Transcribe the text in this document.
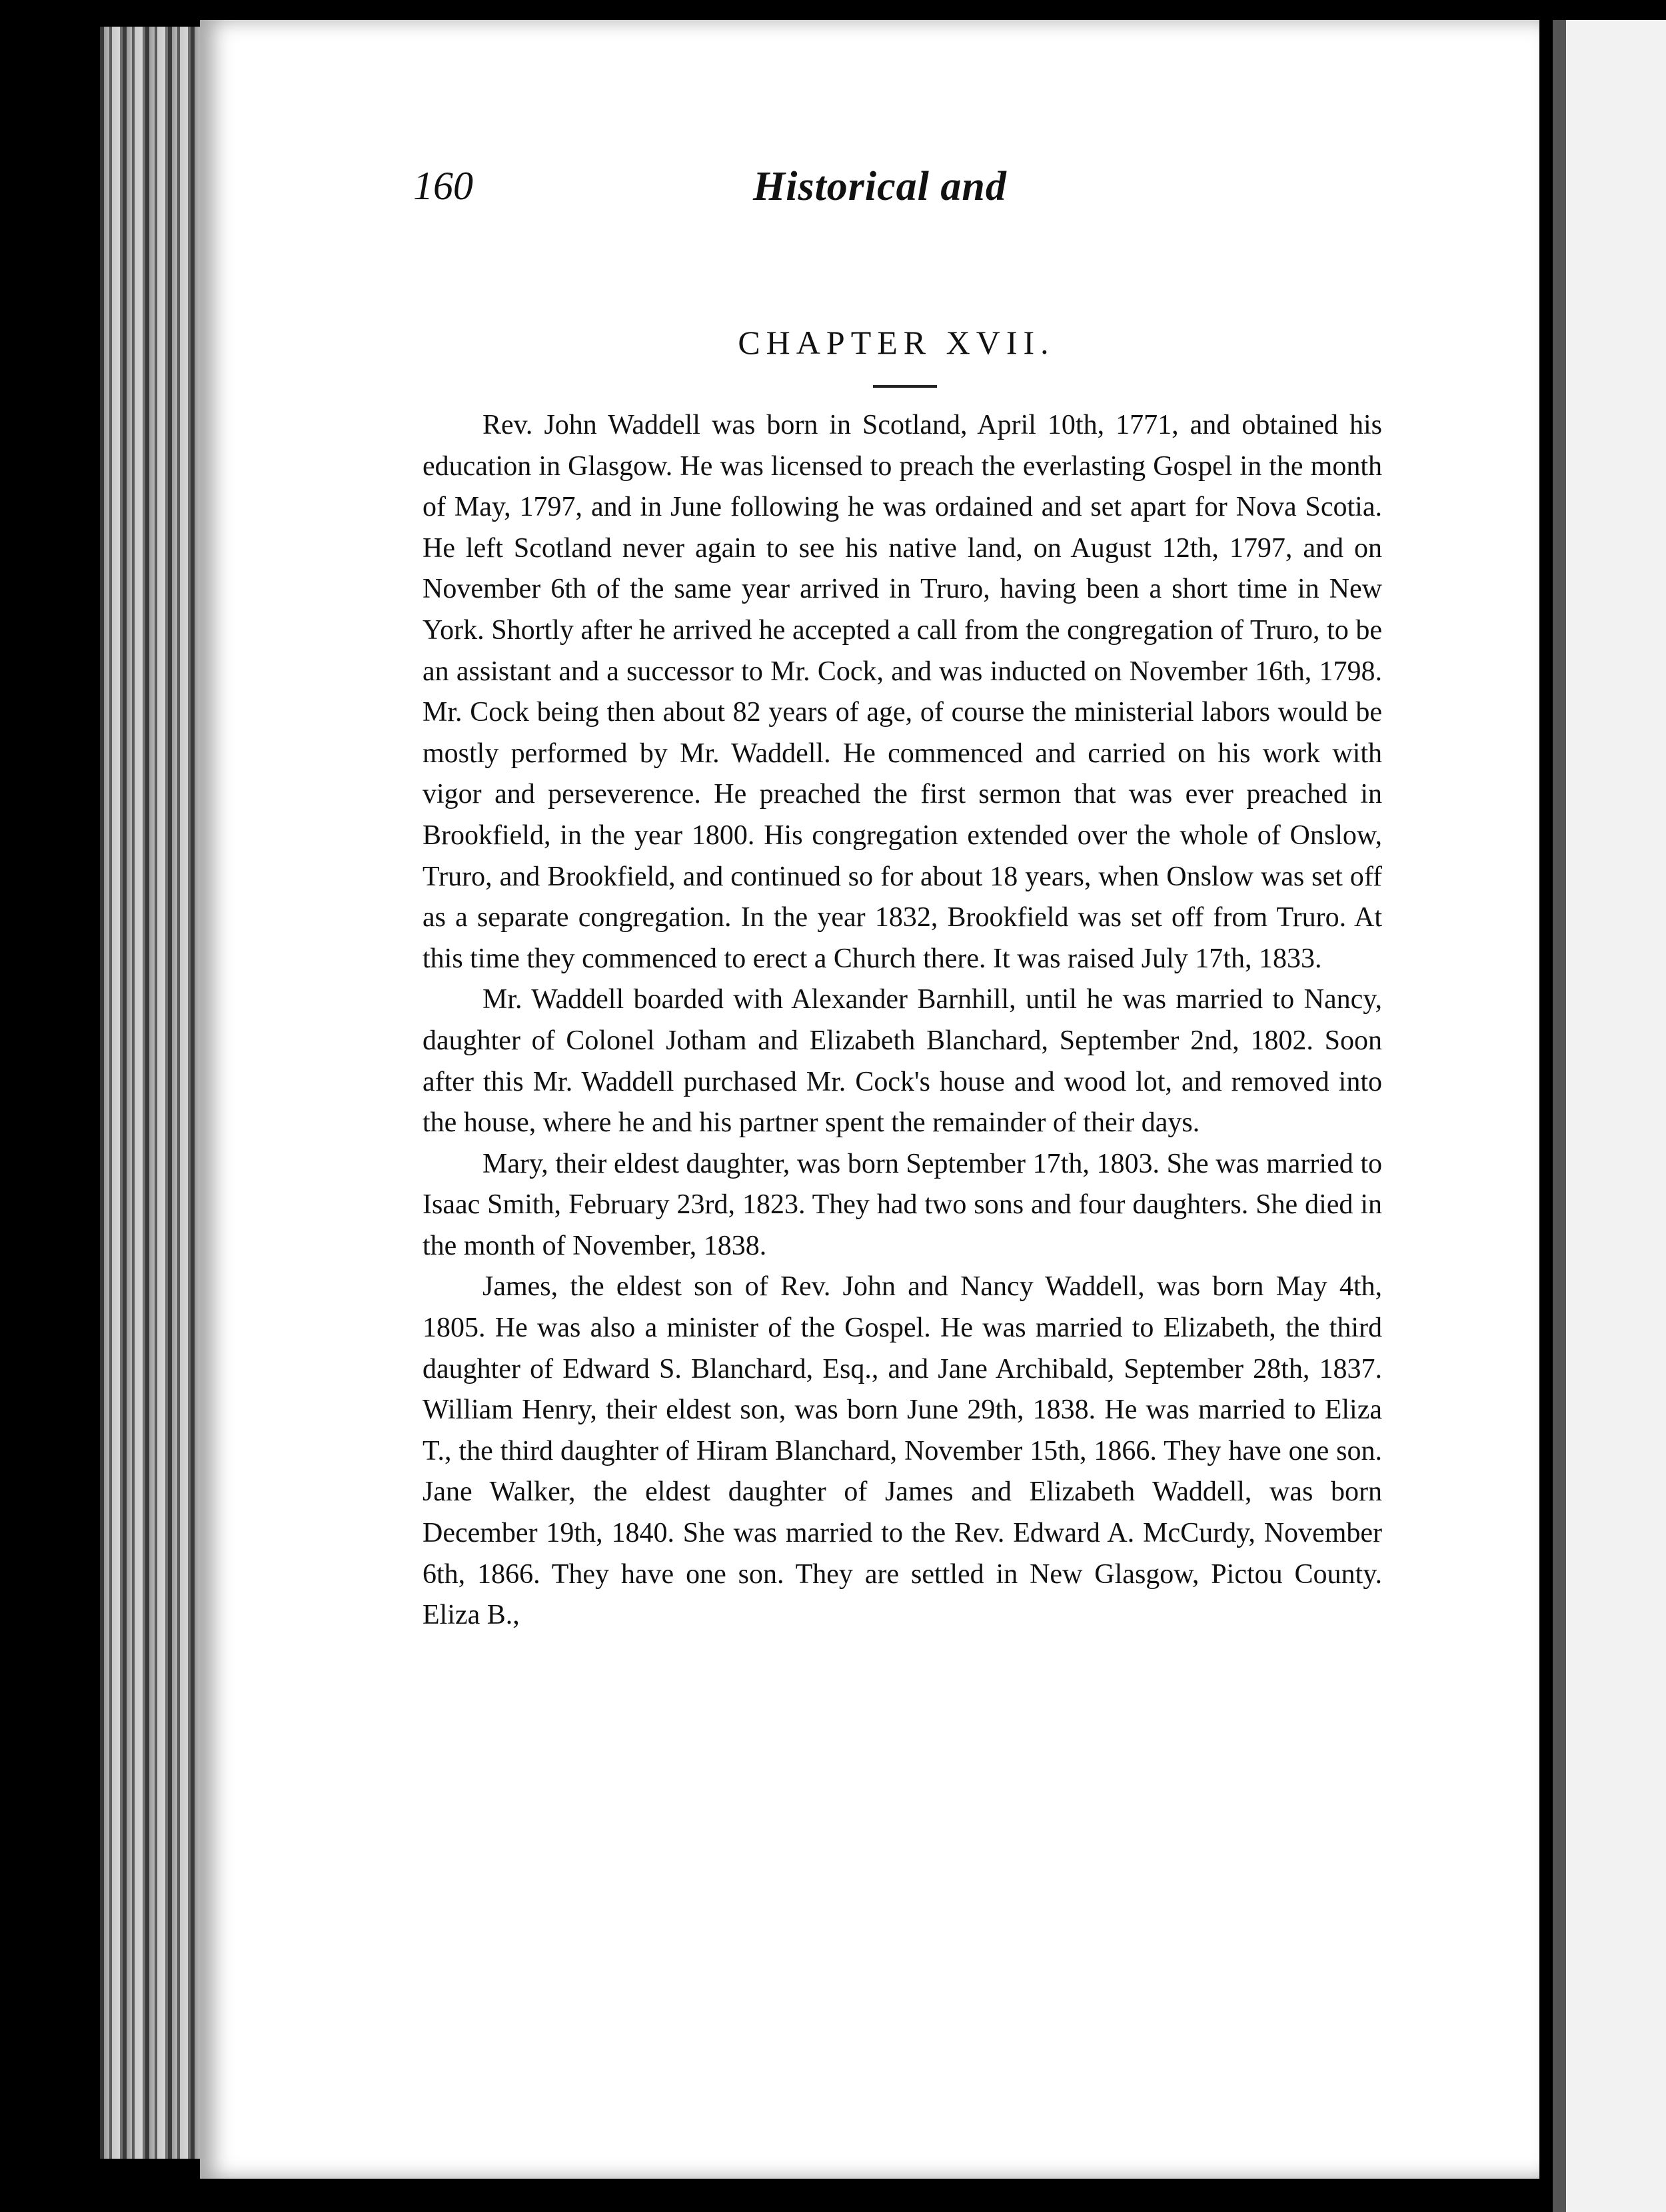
160	Historical and
CHAPTER XVII.

Rev. John Waddell was born in Scotland, April 10th, 1771, and obtained his education in Glasgow. He was licensed to preach the everlasting Gospel in the month of May, 1797, and in June following he was ordained and set apart for Nova Scotia. He left Scotland never again to see his native land, on August 12th, 1797, and on November 6th of the same year arrived in Truro, having been a short time in New York. Shortly after he arrived he accepted a call from the congregation of Truro, to be an assistant and a successor to Mr. Cock, and was inducted on November 16th, 1798. Mr. Cock being then about 82 years of age, of course the ministerial labors would be mostly performed by Mr. Waddell. He commenced and carried on his work with vigor and perseverence. He preached the first sermon that was ever preached in Brookfield, in the year 1800. His congregation extended over the whole of Onslow, Truro, and Brookfield, and continued so for about 18 years, when Onslow was set off as a separate congregation. In the year 1832, Brookfield was set off from Truro. At this time they commenced to erect a Church there. It was raised July 17th, 1833.

Mr. Waddell boarded with Alexander Barnhill, until he was married to Nancy, daughter of Colonel Jotham and Elizabeth Blanchard, September 2nd, 1802. Soon after this Mr. Waddell purchased Mr. Cock's house and wood lot, and removed into the house, where he and his partner spent the remainder of their days.

Mary, their eldest daughter, was born September 17th, 1803. She was married to Isaac Smith, February 23rd, 1823. They had two sons and four daughters. She died in the month of November, 1838.

James, the eldest son of Rev. John and Nancy Waddell, was born May 4th, 1805. He was also a minister of the Gospel. He was married to Elizabeth, the third daughter of Edward S. Blanchard, Esq., and Jane Archibald, September 28th, 1837. William Henry, their eldest son, was born June 29th, 1838. He was married to Eliza T., the third daughter of Hiram Blanchard, November 15th, 1866. They have one son. Jane Walker, the eldest daughter of James and Elizabeth Waddell, was born December 19th, 1840. She was married to the Rev. Edward A. McCurdy, November 6th, 1866. They have one son. They are settled in New Glasgow, Pictou County. Eliza B.,
